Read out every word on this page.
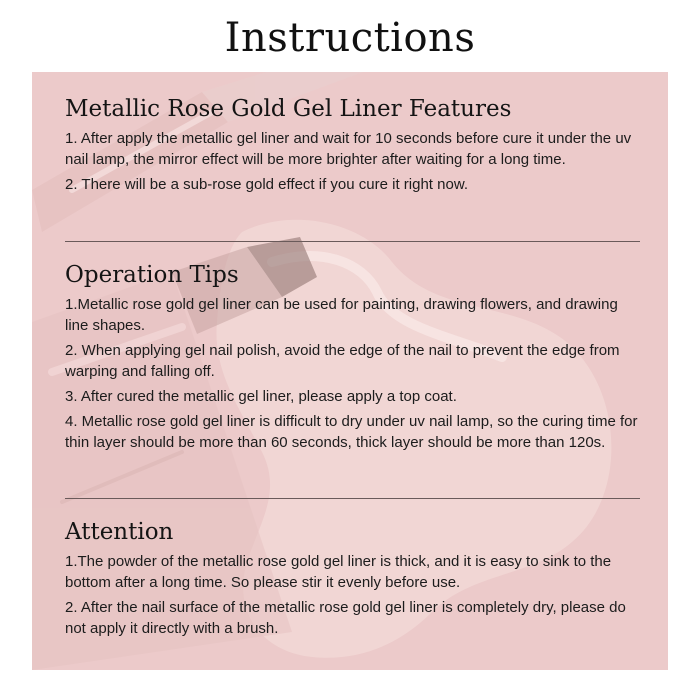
Instructions
Metallic Rose Gold Gel Liner Features

1. After apply the metallic gel liner and wait for 10 seconds before cure it under the uv nail lamp, the mirror effect will be more brighter after waiting for a long time.

2. There will be a sub-rose gold effect if you cure it right now.

Operation Tips

1.Metallic rose gold gel liner can be used for painting, drawing flowers, and drawing line shapes.

2. When applying gel nail polish, avoid the edge of the nail to prevent the edge from warping and falling off.

3. After cured the metallic gel liner, please apply a top coat.

4. Metallic rose gold gel liner is difficult to dry under uv nail lamp, so the curing time for thin layer should be more than 60 seconds, thick layer should be more than 120s.

Attention

1.The powder of the metallic rose gold gel liner is thick, and it is easy to sink to the bottom after a long time. So please stir it evenly before use.

2. After the nail surface of the metallic rose gold gel liner is completely dry, please do not apply it directly with a brush.
